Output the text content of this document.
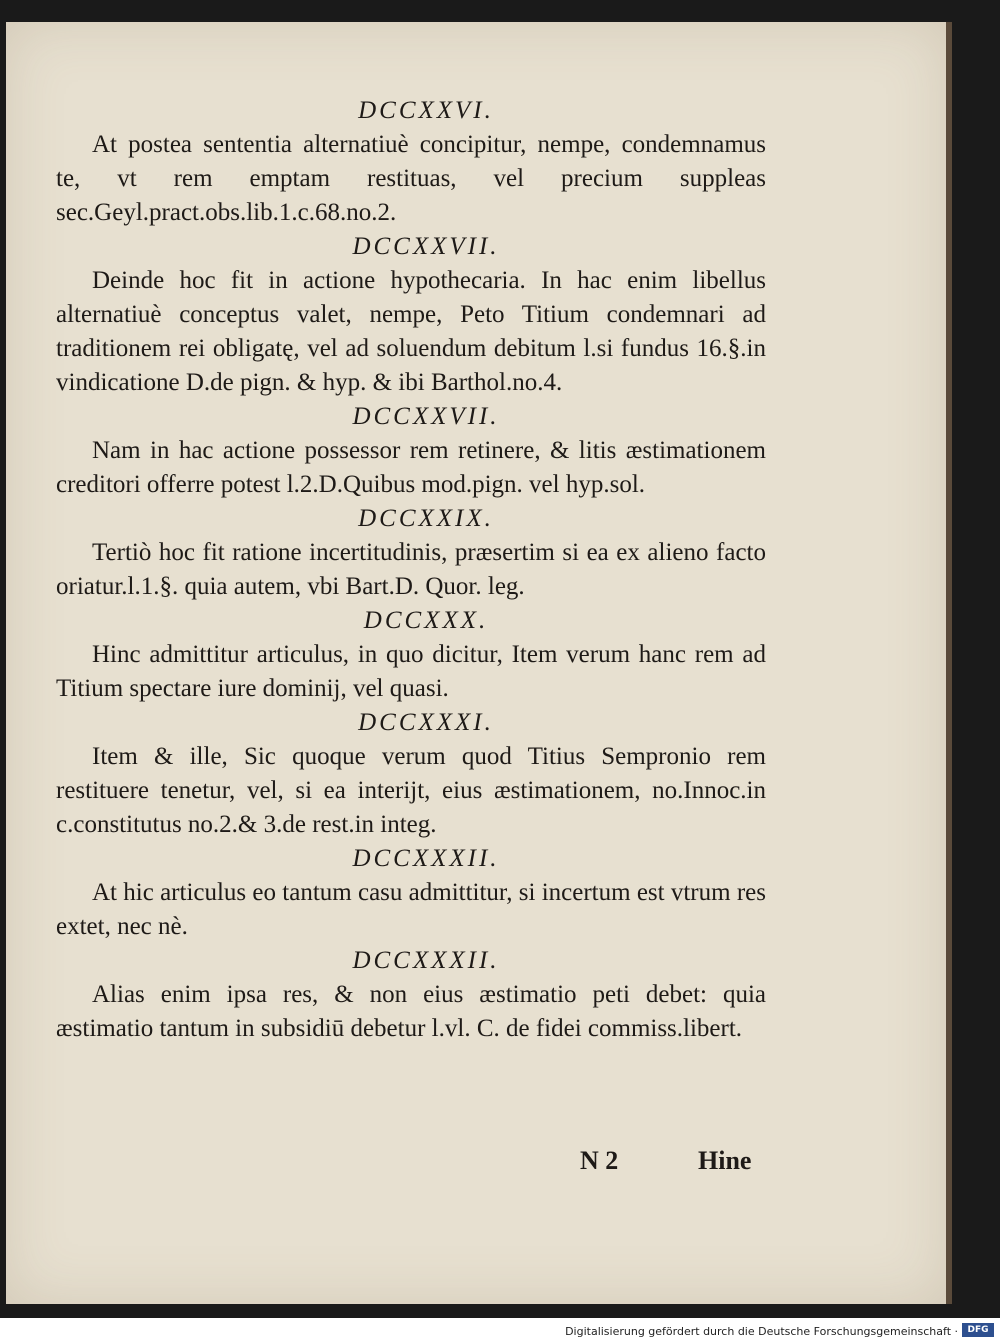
DCCXXVI.
At postea sententia alternatiuè concipitur, nempe, condemnamus te, vt rem emptam restituas, vel precium suppleas sec.Geyl.pract.obs.lib.1.c.68.no.2.
DCCXXVII.
Deinde hoc fit in actione hypothecaria. In hac enim libellus alternatiuè conceptus valet, nempe, Peto Titium condemnari ad traditionem rei obligatę, vel ad soluendum debitum l.si fundus 16.§.in vindicatione D.de pign. & hyp. & ibi Barthol.no.4.
DCCXXVII.
Nam in hac actione possessor rem retinere, & litis æstimationem creditori offerre potest l.2.D.Quibus mod.pign. vel hyp.sol.
DCCXXIX.
Tertiò hoc fit ratione incertitudinis, præsertim si ea ex alieno facto oriatur.l.1.§. quia autem, vbi Bart.D. Quor. leg.
DCCXXX.
Hinc admittitur articulus, in quo dicitur, Item verum hanc rem ad Titium spectare iure dominij, vel quasi.
DCCXXXI.
Item & ille, Sic quoque verum quod Titius Sempronio rem restituere tenetur, vel, si ea interijt, eius æstimationem, no.Innoc.in c.constitutus no.2.& 3.de rest.in integ.
DCCXXXII.
At hic articulus eo tantum casu admittitur, si incertum est vtrum res extet, nec nè.
DCCXXXII.
Alias enim ipsa res, & non eius æstimatio peti debet: quia æstimatio tantum in subsidiū debetur l.vl. C. de fidei commiss.libert.
N 2	Hine
Digitalisierung gefördert durch die Deutsche Forschungsgemeinschaft ·	DFG
